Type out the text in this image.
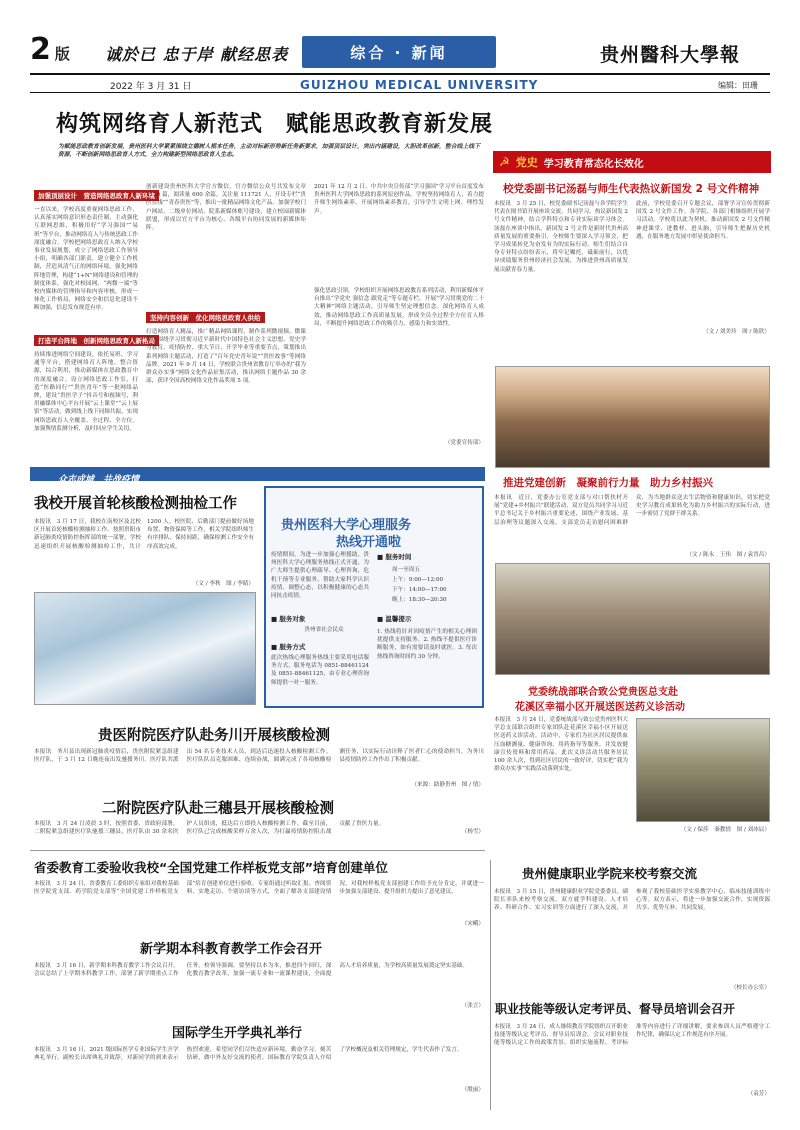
2 版	诚於已 忠于岸 献经思表	综合 · 新闻	贵州醫科大學報
2022 年 3 月 31 日	GUIZHOU MEDICAL UNIVERSITY	编辑：田珊
构筑网络育人新范式　赋能思政教育新发展
为赋能思政教育创新发展，贵州医科大学紧紧围绕立德树人根本任务，主动对标新形势新任务新要求，加强顶层设计，突出内涵建设，大胆改革创新，整合线上线下资源，不断创新网络思政育人方式，全力构建新型网络思政育人生态。
加强顶层设计　营造网络思政育人新环境
一直以来，学校高度重视网络思政工作，认真落实网络意识形态责任制，主动强化互联网思维，积极用好“学习强国”“易班”等平台，推动网络育人与传统思政工作深度融合。学校把网络思政育人纳入学校事业发展规划，成立了网络思政工作领导小组，明确各部门职责，建立健全工作机制，营造风清气正的网络环境。强化网络阵地管理，构建“1+N”网络建设和管理的制度体系，强化对校园网、“两微一端”等校内媒体的管理指导和内容审核，形成一体化工作格局，网络安全和信息化建设不断加强，信息发布规范有序。
打造平台阵地　创新网络思政育人新格局
持续推进网络空间建设，依托易班、学习通等平台，搭建网络育人阵地，整合资源，综合利用，推动新媒体在思政教育中的深度融合。设立网络思政工作室，打造“医路同行”“贵医青年”等一批网络品牌，建设“贵医学子”抖音号和视频号，利用融媒体中心平台开展“云上课堂”“云上展馆”等活动，做到线上线下同频共振，实现网络思政育人全覆盖、全过程、全方位。加强舆情监测分析，及时回应学生关切。
创新建设贵州医科大学官方微信，官方微信公众号共发布文章 1120 篇，阅读量 600 余篇，关注量 111721 人，开设专栏“贵医在线”“青春贵医”等，推出一批精品网络文化产品。加强学校门户网站、二级单位网站、院系新媒体账号建设，建立校园新媒体联盟，形成以官方平台为核心、各级平台协同发展的新媒体矩阵。
坚持内容创新　优化网络思政育人供给
打造网络育人精品，推广精品网络课程，制作系列微视频、微课程。围绕学习贯彻习近平新时代中国特色社会主义思想、党史学习教育、疫情防控、重大节日、开学毕业等重要节点，策划推出系列网络主题活动，打造了“百年党史青年说”“贵医故事”等网络品牌。2021 年 9 月 14 日，学校联合贵州省教育厅举办的“我为群众办实事”网络文化作品征集活动，推出网络主题作品 30 余部，获评全国高校网络文化作品奖项 5 项。
2021 年 12 月 2 日，中共中央宣传部“学习强国”学习平台首度发布贵州医科大学网络思政的系列原创作品。学校坚持网络育人，着力提升师生网络素养，开展网络素养教育，引导学生文明上网、理性发声。
强化思政引领，学校组织开展网络思政教育系列活动，利用新媒体平台推出“学党史 强信念 跟党走”等专题专栏。开展“学习贯彻党的二十大精神”网络主题活动，引导师生坚定理想信念。深化网络育人成效，推动网络思政工作高质量发展，形成全员全过程全方位育人格局，不断提升网络思政工作的吸引力、感染力和实效性。
（党委宣传部）
☭ 党史 学习教育常态化长效化
校党委副书记汤磊与师生代表热议新国发 2 号文件精神
本报讯　3 月 25 日，校党委副书记汤磊与各学院学生代表在图书馆开展座谈交流，共同学习、热议新国发 2 号文件精神，结合学科特点和专业实际谈学习体会。汤磊在座谈中指出，新国发 2 号文件是新时代贵州高质量发展的重要指引，全校师生要深入学习领会，把学习成果转化为奋发有为的实际行动。师生们结合自身专业特点纷纷表示，将牢记嘱托、砥砺前行，以优异成绩服务贵州经济社会发展，为推进贵州高质量发展贡献青春力量。
此前，学校党委召开专题会议，部署学习宣传贯彻新国发 2 号文件工作。各学院、各部门相继组织开展学习活动。学校将以此为契机，推动新国发 2 号文件精神进课堂、进教材、进头脑，引导师生把握历史机遇，在服务地方发展中彰显使命担当。
（文 / 刘美玲　图 / 陈欣）
推进党建创新　凝聚前行力量　助力乡村振兴
本报讯　近日，党委办公室党支部与对口帮扶村开展“党建+乡村振兴”联建活动，双方党员共同学习习近平总书记关于乡村振兴重要论述，围绕产业发展、基层治理等议题深入交流。支部党员走访慰问困难群众，为当地群众送去生活物资和健康知识，切实把党史学习教育成果转化为助力乡村振兴的实际行动，进一步密切了党群干群关系。
（文 / 陈永　王伟　图 / 袁晋昌）
党委统战部联合致公党贵医总支赴
花溪区幸福小区开展送医送药义诊活动
本报讯　3 月 24 日，党委统战部与致公党贵州医科大学总支部联合组织专家团队赴花溪区幸福小区开展送医送药义诊活动。活动中，专家们为社区居民提供血压血糖测量、健康咨询、用药指导等服务，并发放健康宣传资料和常用药品。此次义诊活动共服务居民 100 余人次，得到社区居民的一致好评，切实把“我为群众办实事”实践活动落到实处。
（文 / 保莎　秦教情　图 / 刘冰辰）
众志成城　共战疫情
我校开展首轮核酸检测抽检工作
本报讯　3 月 17 日，我校在南校区及北校区开展首轮核酸检测抽检工作。按照贵阳市新冠肺炎疫情防控指挥部的统一部署，学校迅速组织开展核酸检测抽检工作，共计 1200 人。校医院、后勤部门提前做好场地布置、物资保障等工作，相关学院组织师生有序排队、保持间距，确保检测工作安全有序高效完成。
（文 / 李秋　图 / 李睛）
贵州医科大学心理服务
热线开通啦
疫情期间，为进一步加强心理援助，贵州医科大学心理服务热线正式开通，为广大师生提供心理疏导、心理咨询、危机干预等专业服务，帮助大家科学认识疫情、调整心态，以积极健康的心态共同抗击疫情。
■ 服务对象
贵州省社会民众
■ 服务方式
此次热线心理服务热线主要采用电话服务方式，服务电话为 0851-88461124 及 0851-88461125，由专业心理咨询师提供一对一服务。
■ 服务时间
周一至周五
上午：9:00—12:00
下午：14:00—17:00
晚上：18:30—20:30
■ 温馨提示
1. 热线将针对因疫情产生的相关心理困扰提供支持服务。2. 热线不提供医疗诊断服务，如有需要请及时就医。3. 每次热线咨询时间约 30 分钟。
贵医附院医疗队赴务川开展核酸检测
本报讯　务川县出现新冠肺炎疫情后，贵医附院紧急组建医疗队，于 3 月 12 日晚连夜出发驰援务川。医疗队共派出 54 名专业技术人员，到达后迅速投入核酸检测工作。医疗队队员克服困难、连续奋战，圆满完成了各项核酸检测任务，以实际行动诠释了医者仁心的使命担当，为务川县疫情防控工作作出了积极贡献。
（来源：助静贵州　图 / 情）
二附院医疗队赴三穗县开展核酸检测
本报讯　3 月 24 日凌晨 3 时，按照省委、省政府部署，二附院紧急组建医疗队驰援三穗县，医疗队由 30 余名医护人员组成，抵达后立即投入核酸检测工作。截至目前，医疗队已完成核酸采样万余人次，为打赢疫情防控阻击战贡献了贵医力量。
（杨雪）
省委教育工委验收我校“全国党建工作样板党支部”培育创建单位
本报讯　3 月 24 日，省委教育工委组织专家组对我校基础医学院党支部、药学院党支部等“全国党建工作样板党支部”培育创建单位进行验收。专家组通过听取汇报、查阅资料、实地走访、个别访谈等方式，全面了解各支部建设情况，对我校样板党支部创建工作给予充分肯定，并就进一步加强支部建设、提升组织力提出了意见建议。
（宋峨）
新学期本科教育教学工作会召开
本报讯　3 月 16 日，新学期本科教育教学工作会议召开。会议总结了上学期本科教学工作，部署了新学期重点工作任务。校领导强调，要坚持以本为本，推进四个回归，深化教育教学改革，加强一流专业和一流课程建设，全面提高人才培养质量，为学校高质量发展奠定坚实基础。
（张言）
国际学生开学典礼举行
本报讯　3 月 16 日，2021 级国际医学专业国际学生开学典礼举行。副校长出席典礼并致辞，对新同学的到来表示热烈欢迎，希望同学们尽快适应新环境，勤奋学习、刻苦钻研，做中外友好交流的使者。国际教育学院负责人介绍了学校概况及相关管理规定，学生代表作了发言。
（殷丽）
贵州健康职业学院来校考察交流
本报讯　3 月 15 日，贵州健康职业学院党委委员、副院长率队来校考察交流。双方就学科建设、人才培养、科研合作、实习实训等方面进行了深入交流，并参观了我校基础医学实验教学中心、临床技能训练中心等。双方表示，将进一步加强交流合作，实现资源共享、优势互补、共同发展。
（校长办公室）
职业技能等级认定考评员、督导员培训会召开
本报讯　3 月 24 日，成人继续教育学院组织召开职业技能等级认定考评员、督导员培训会。会议对职业技能等级认定工作的政策背景、组织实施流程、考评标准等内容进行了详细讲解，要求参训人员严格遵守工作纪律，确保认定工作规范有序开展。
（袁芳）
